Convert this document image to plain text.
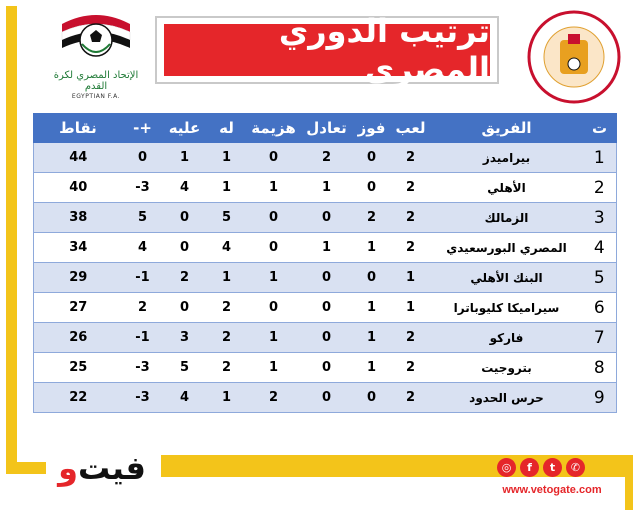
الإتحاد المصري لكرة القدم
EGYPTIAN F.A.
ترتيب الدوري المصري
ت	الفريق	لعب	فوز	تعادل	هزيمة	له	عليه	+-	نقاط
1	بيراميدز	2	0	2	0	1	1	0	44
2	الأهلي	2	0	1	1	1	4	3-	40
3	الزمالك	2	2	0	0	5	0	5	38
4	المصري البورسعيدي	2	1	1	0	4	0	4	34
5	البنك الأهلي	1	0	0	1	1	2	1-	29
6	سيراميكا كليوباترا	1	1	0	0	2	0	2	27
7	فاركو	2	1	0	1	2	3	1-	26
8	بتروجيت	2	1	0	1	2	5	3-	25
9	حرس الحدود	2	0	0	2	1	4	3-	22
فيت
و	◎	f	t	✆
www.vetogate.com
